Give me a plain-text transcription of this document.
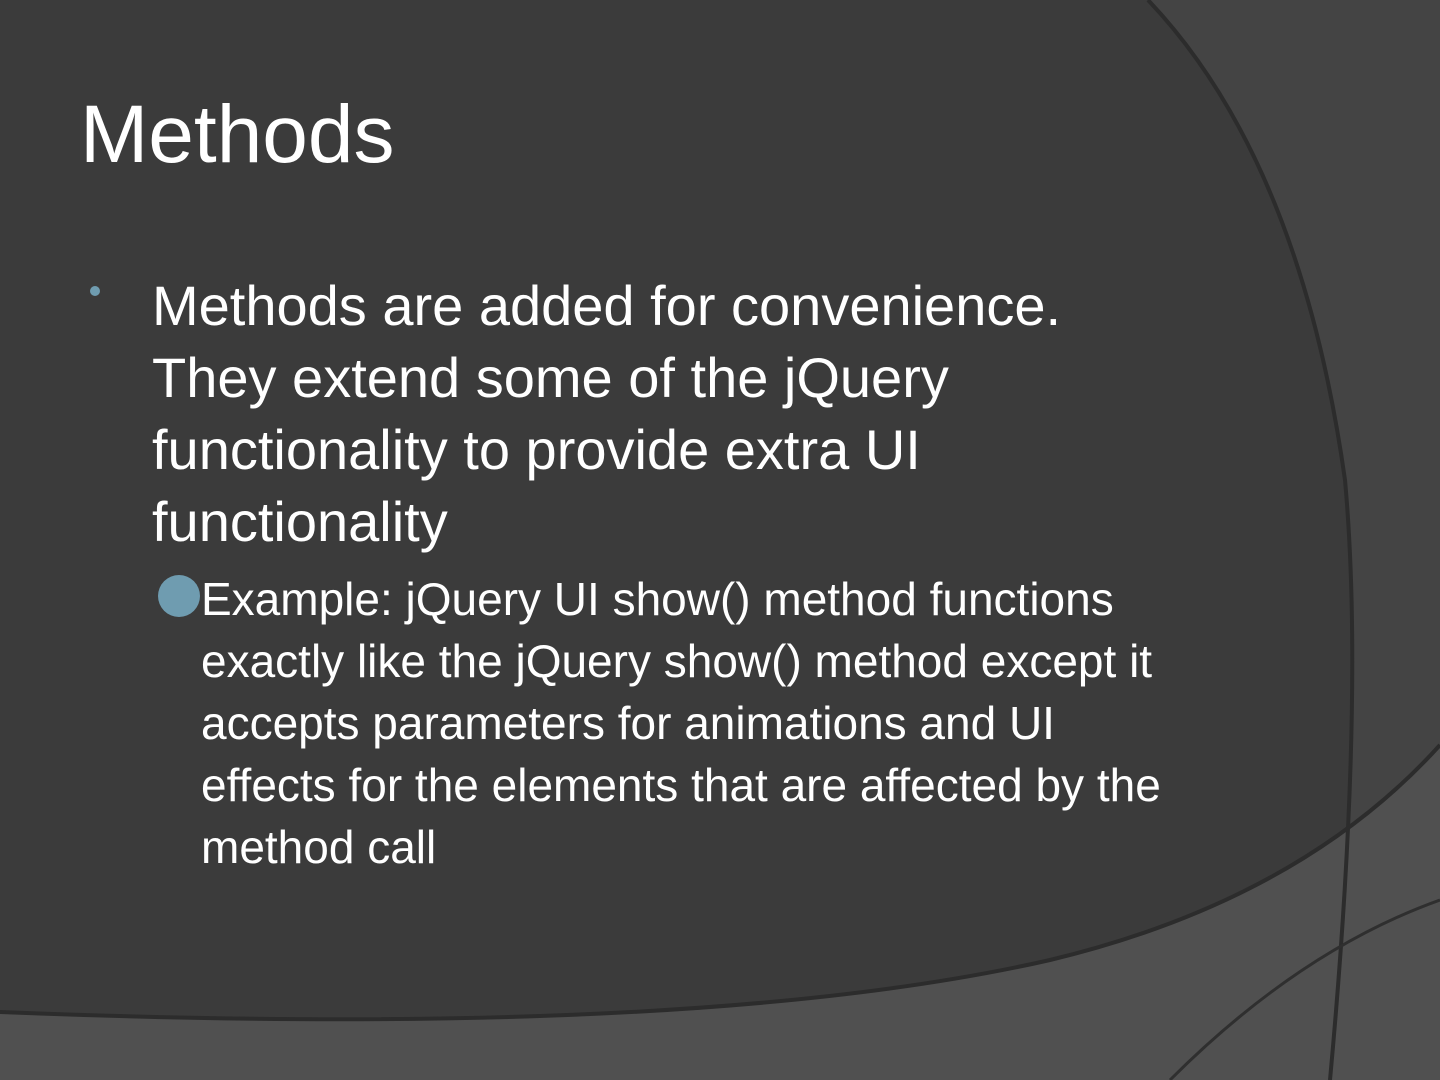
Methods
Methods are added for convenience. They extend some of the jQuery functionality to provide extra UI functionality
Example: jQuery UI show() method functions exactly like the jQuery show() method except it accepts parameters for animations and UI effects for the elements that are affected by the method call
